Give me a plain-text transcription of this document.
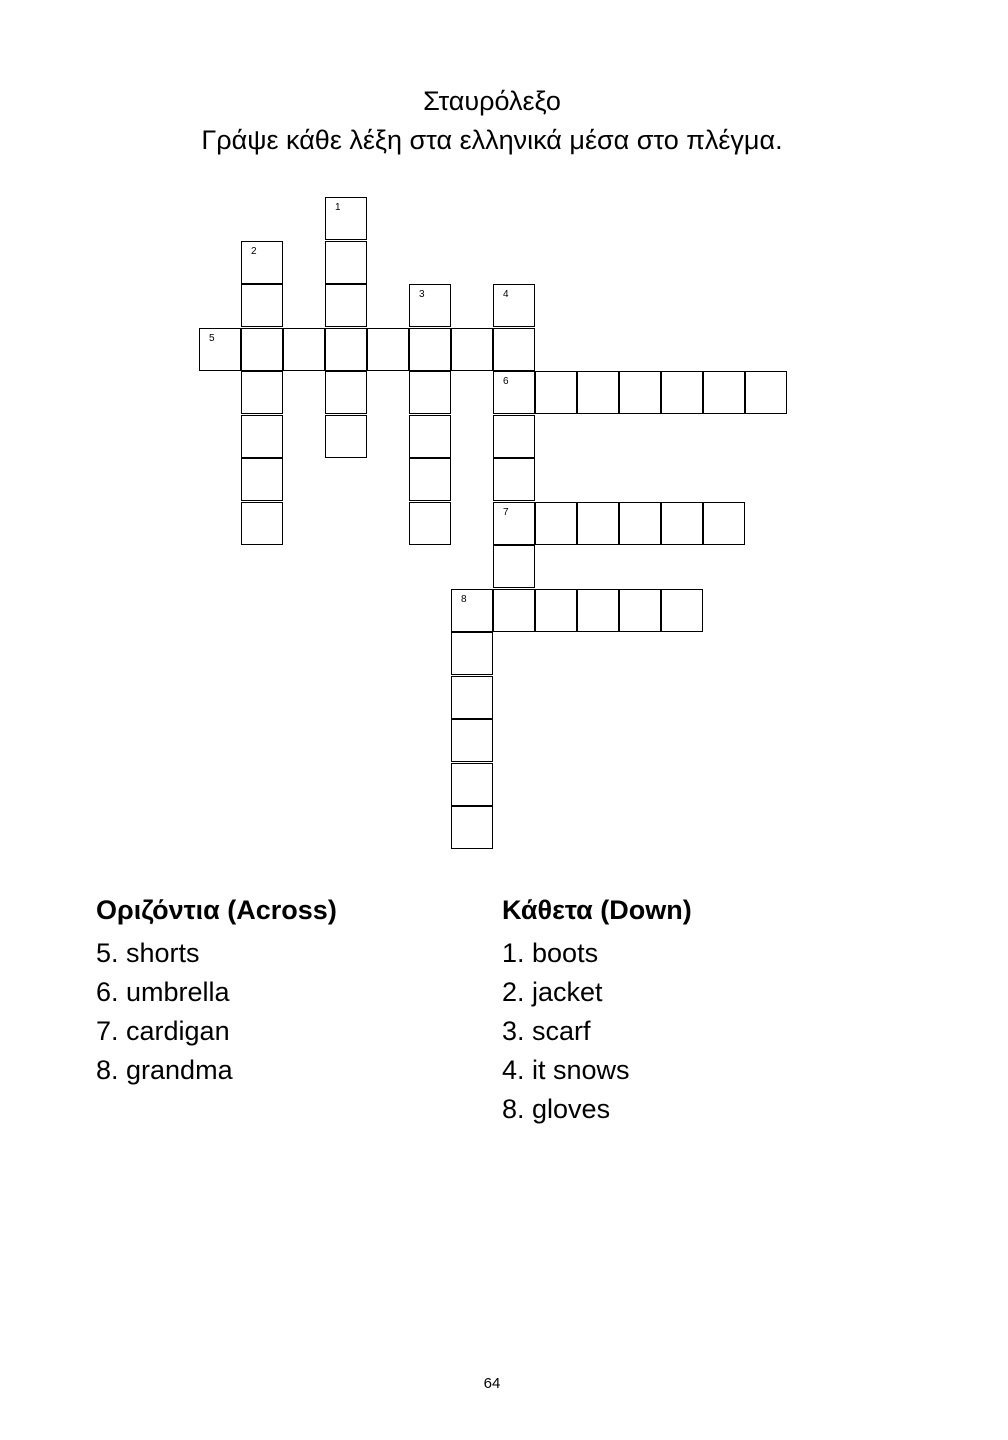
Σταυρόλεξο
Γράψε κάθε λέξη στα ελληνικά μέσα στο πλέγμα.
1
2
3	4
5
6
7
8
Οριζόντια (Across)
5. shorts
6. umbrella
7. cardigan
8. grandma
Κάθετα (Down)
1. boots
2. jacket
3. scarf
4. it snows
8. gloves
64
